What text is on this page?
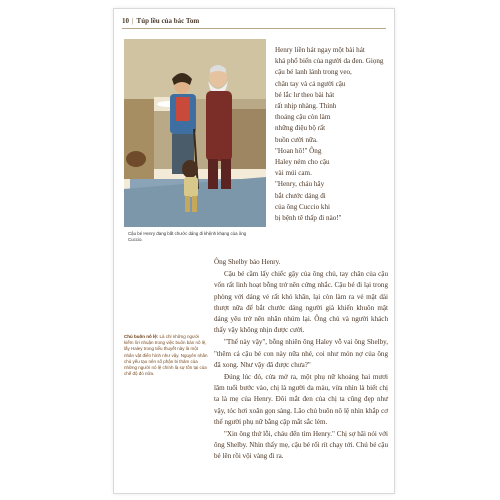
10 | Túp lều của bác Tom
Cậu bé Henry đang bắt chước dáng đi khệnh khạng của ông Cuccio.

Henry liền hát ngay một bài hát

khá phổ biến của người da đen. Giọng

cậu bé lanh lảnh trong veo,

chân tay và cả người cậu

bé lắc lư theo bài hát

rất nhịp nhàng. Thỉnh

thoảng cậu còn làm

những điệu bộ rất

buồn cười nữa.

"Hoan hô!" Ông

Haley ném cho cậu

vài múi cam.

"Henry, cháu hãy

bắt chước dáng đi

của ông Cuccio khi

bị bệnh tê thấp đi nào!"

Ông Shelby bảo Henry.

Cậu bé cầm lấy chiếc gậy của ông chủ, tay chân của cậu vốn rất linh hoạt bỗng trở nên cứng nhắc. Cậu bé đi lại trong phòng với dáng vẻ rất khó khăn, lại còn làm ra vẻ mặt dài thượt nữa để bắt chước dáng người già khiến khuôn mặt dáng yêu trở nên nhăn nhúm lại. Ông chủ và người khách thấy vậy không nhịn được cười.

"Thế này vậy", bỗng nhiên ông Haley vỗ vai ông Shelby, "thêm cả cậu bé con này nữa nhé, coi như món nợ của ông đã xong. Như vậy đã được chưa?"

Đúng lúc đó, cửa mở ra, một phụ nữ khoảng hai mươi lăm tuổi bước vào, chị là người da màu, vừa nhìn là biết chị ta là mẹ của Henry. Đôi mắt đen của chị ta cũng đẹp như vậy, tóc hơi xoăn gọn sàng. Lão chủ buôn nô lệ nhìn khắp cơ thể người phụ nữ bằng cặp mắt sắc lẻm.

"Xin ông thứ lỗi, cháu đến tìm Henry." Chị sợ hãi nói với ông Shelby. Nhìn thấy mẹ, cậu bé rối rít chạy tới. Chú bé cậu bé lên rồi vội vàng đi ra.

Chủ buôn nô lệ: Là chỉ những người kiếm lời nhuận trong việc buôn bán nô lệ, lấy Haley trong tiểu thuyết này là một nhân vật điển hình như vậy. Nguyên nhân chủ yếu tạo nên số phận bi thảm của những người nô lệ chính là sự tồn tại của chế độ đó nữa.
